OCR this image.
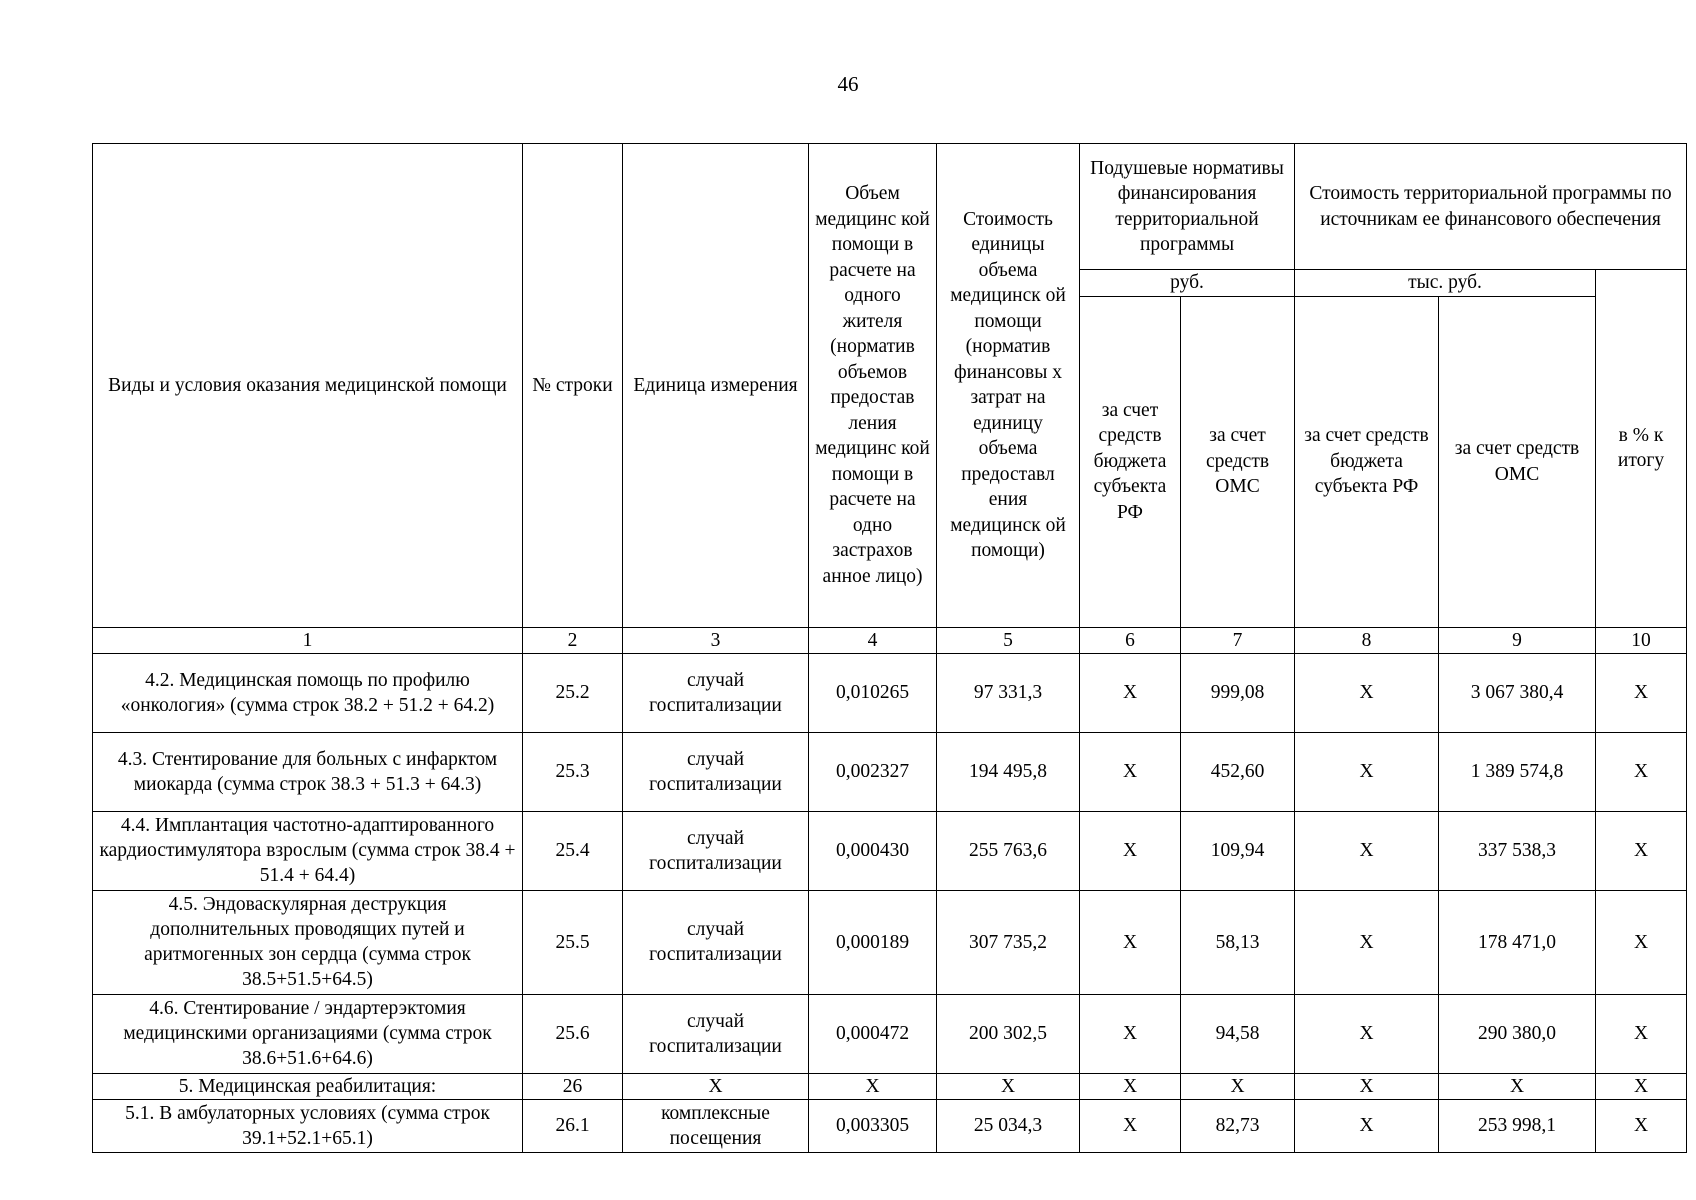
46
Виды и условия оказания медицинской помощи	№ строки	Единица измерения	Объем медицинс кой помощи в расчете на одного жителя (норматив объемов предостав ления медицинс кой помощи в расчете на одно застрахов анное лицо)	Стоимость единицы объема медицинск ой помощи (норматив финансовы х затрат на единицу объема предоставл ения медицинск ой помощи)	Подушевые нормативы финансирования территориальной программы		Стоимость территориальной программы по источникам ее финансового обеспечения		
					руб.		тыс. руб.		в % к итогу
					за счет средств бюджета субъекта РФ	за счет средств ОМС	за счет средств бюджета субъекта РФ	за счет средств ОМС	
1	2	3	4	5	6	7	8	9	10
4.2. Медицинская помощь по профилю «онкология» (сумма строк 38.2 + 51.2 + 64.2)	25.2	случай госпитализации	0,010265	97 331,3	Х	999,08	Х	3 067 380,4	Х
4.3. Стентирование для больных с инфарктом миокарда (сумма строк 38.3 + 51.3 + 64.3)	25.3	случай госпитализации	0,002327	194 495,8	Х	452,60	Х	1 389 574,8	Х
4.4. Имплантация частотно-адаптированного кардиостимулятора взрослым (сумма строк 38.4 + 51.4 + 64.4)	25.4	случай госпитализации	0,000430	255 763,6	Х	109,94	Х	337 538,3	Х
4.5. Эндоваскулярная деструкция дополнительных проводящих путей и аритмогенных зон сердца (сумма строк 38.5+51.5+64.5)	25.5	случай госпитализации	0,000189	307 735,2	Х	58,13	Х	178 471,0	Х
4.6. Стентирование / эндартерэктомия медицинскими организациями (сумма строк 38.6+51.6+64.6)	25.6	случай госпитализации	0,000472	200 302,5	Х	94,58	Х	290 380,0	Х
5. Медицинская реабилитация:	26	Х	Х	Х	Х	Х	Х	Х	Х
5.1. В амбулаторных условиях (сумма строк 39.1+52.1+65.1)	26.1	комплексные посещения	0,003305	25 034,3	Х	82,73	Х	253 998,1	Х
